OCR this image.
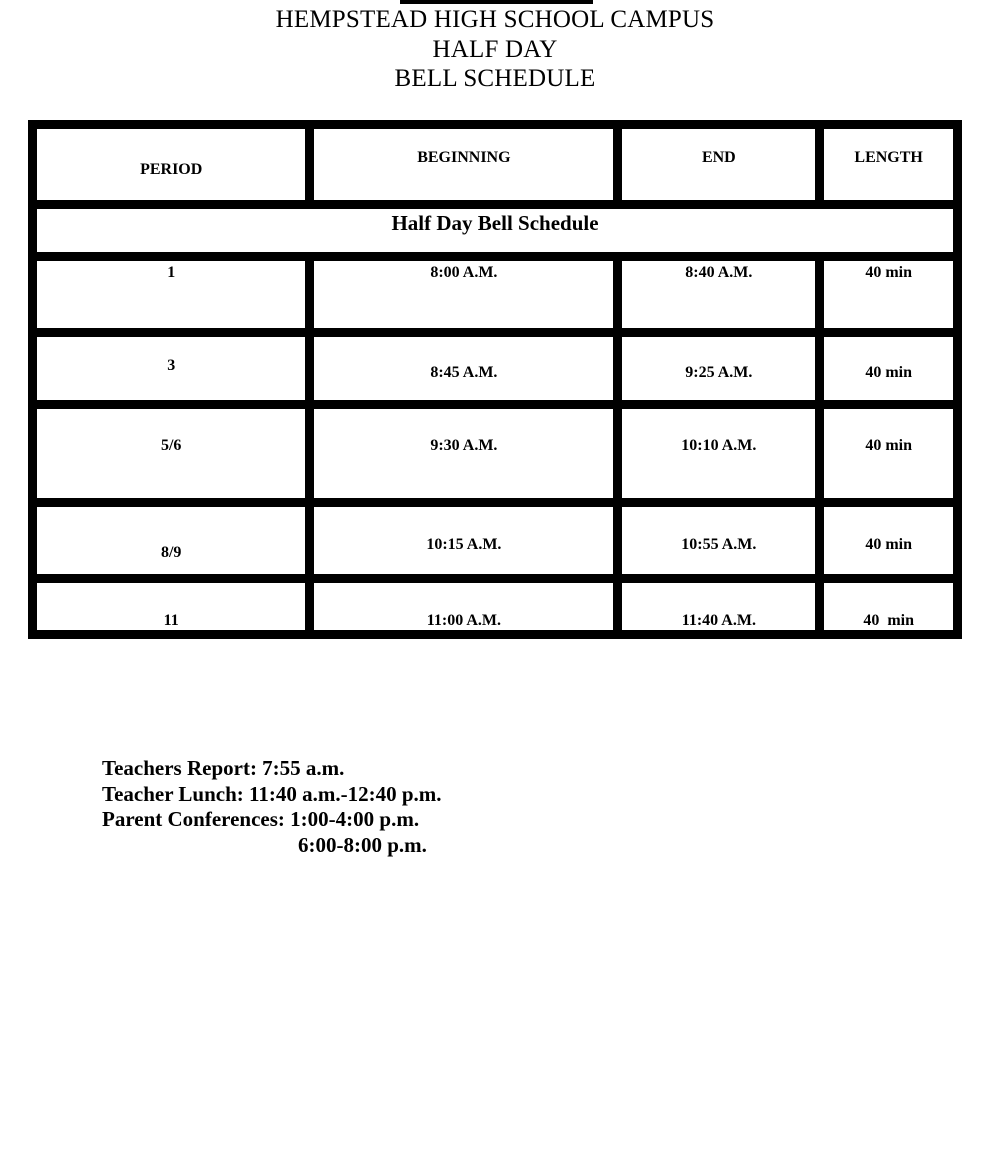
HEMPSTEAD HIGH SCHOOL CAMPUS
HALF DAY
BELL SCHEDULE
PERIOD	BEGINNING	END	LENGTH

Half Day Bell Schedule			

1	8:00 A.M.	8:40 A.M.	40 min

3	8:45 A.M.	9:25 A.M.	40 min

5/6	9:30 A.M.	10:10 A.M.	40 min

8/9	10:15 A.M.	10:55 A.M.	40 min

11	11:00 A.M.	11:40 A.M.	40  min
Teachers Report: 7:55 a.m.
Teacher Lunch: 11:40 a.m.-12:40 p.m.
Parent Conferences: 1:00-4:00 p.m.
6:00-8:00 p.m.
